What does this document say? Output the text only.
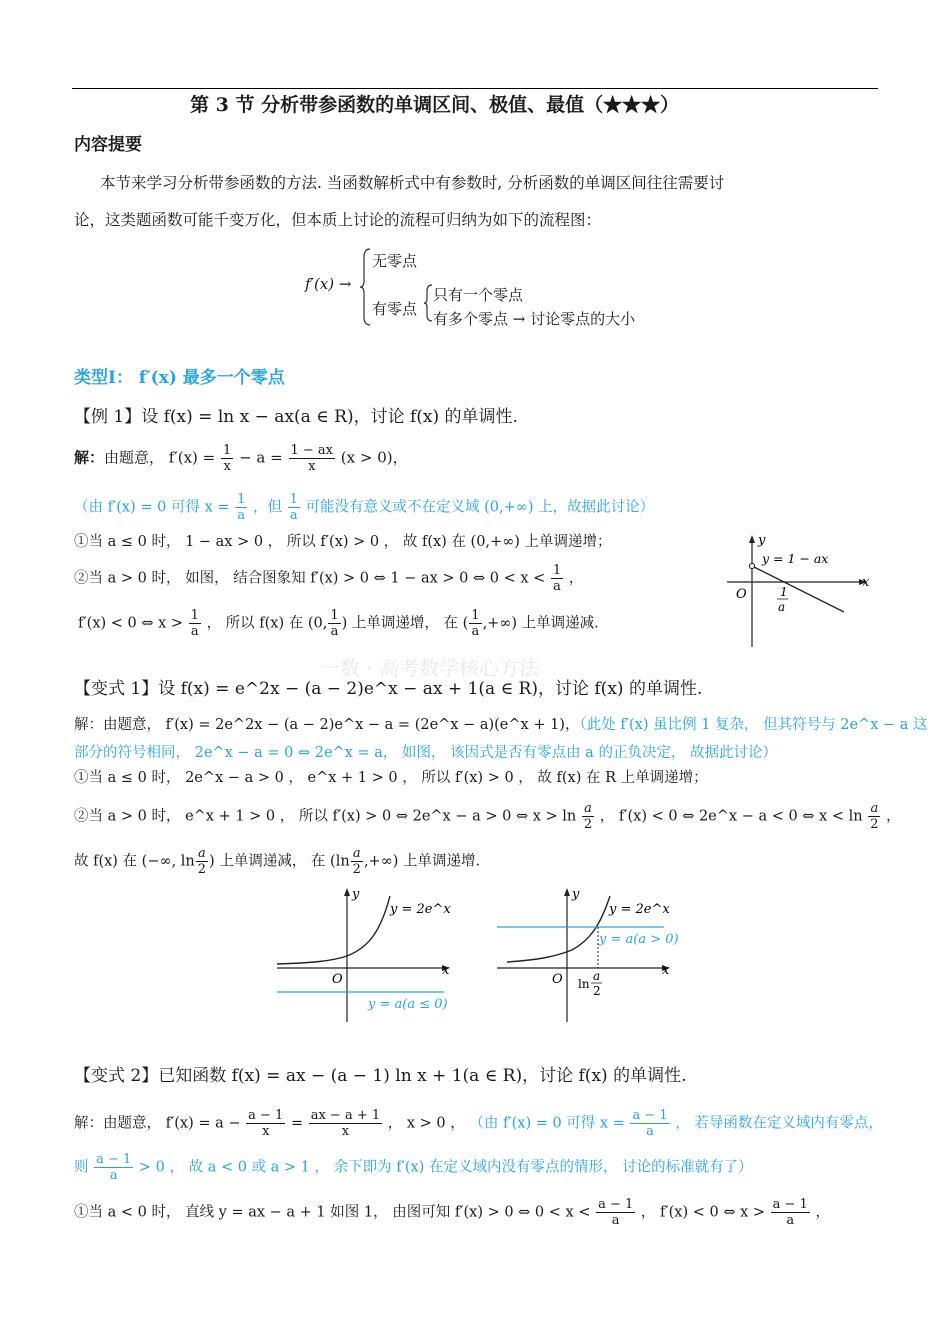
第 3 节 分析带参函数的单调区间、极值、最值（★★★）
内容提要
本节来学习分析带参函数的方法. 当函数解析式中有参数时, 分析函数的单调区间往往需要讨
论，这类题函数可能千变万化，但本质上讨论的流程可归纳为如下的流程图：
f′(x) →
无零点
有零点
只有一个零点
有多个零点 → 讨论零点的大小
类型Ⅰ： f′(x) 最多一个零点
【例 1】设 f(x) = ln x − ax(a ∈ R)，讨论 f(x) 的单调性.
解：由题意， $f'(x) = \frac{1}{x} - a = \frac{1 - ax}{x} (x > 0)$，
（由 f′(x) = 0 可得 $x = \frac{1}{a}$ ，但 $\frac{1}{a}$ 可能没有意义或不在定义域 (0,+∞) 上，故据此讨论）
①当 a ≤ 0 时， 1 − ax > 0 ， 所以 f′(x) > 0 ， 故 f(x) 在 (0,+∞) 上单调递增；
②当 a > 0 时， 如图， 结合图象知 f′(x) > 0 ⇔ 1 − ax > 0 ⇔ $0 < x < \frac{1}{a}$ ，
f′(x) < 0 ⇔ $x > \frac{1}{a}$ ， 所以 f(x) 在 (0, $\frac{1}{a}$ ) 上单调递增， 在 ( $\frac{1}{a}$ ,+∞) 上单调递减.
y
x
O
y = 1 − ax
1
a
一数 · 高考数学核心方法
【变式 1】设 f(x) = e^2x − (a − 2)e^x − ax + 1(a ∈ R)，讨论 f(x) 的单调性.
解：由题意， f′(x) = 2e^2x − (a − 2)e^x − a = (2e^x − a)(e^x + 1)，（此处 f′(x) 虽比例 1 复杂， 但其符号与 2e^x − a 这
部分的符号相同， 2e^x − a = 0 ⇔ 2e^x = a， 如图， 该因式是否有零点由 a 的正负决定， 故据此讨论）
①当 a ≤ 0 时， 2e^x − a > 0 ， e^x + 1 > 0 ， 所以 f′(x) > 0 ， 故 f(x) 在 R 上单调递增；
②当 a > 0 时， e^x + 1 > 0 ， 所以 f′(x) > 0 ⇔ 2e^x − a > 0 ⇔ $x > \ln \frac{a}{2}$ ， f′(x) < 0 ⇔ 2e^x − a < 0 ⇔ $x < \ln \frac{a}{2}$ ，
故 f(x) 在 (−∞, $\ln \frac{a}{2}$ ) 上单调递减， 在 ($\ln \frac{a}{2}$ ,+∞) 上单调递增.
y
x
O
y = 2e^x
y = a(a ≤ 0)
y
x
O
y = 2e^x
y = a(a > 0)
ln
a
2
【变式 2】已知函数 f(x) = ax − (a − 1) ln x + 1(a ∈ R)，讨论 f(x) 的单调性.
解：由题意， $f'(x) = a - \frac{a - 1}{x} = \frac{ax - a + 1}{x}$ ， x > 0 ， （由 f′(x) = 0 可得 $x = \frac{a - 1}{a}$ ， 若导函数在定义域内有零点，
则 $\frac{a - 1}{a} > 0$ ， 故 a < 0 或 a > 1 ， 余下即为 f′(x) 在定义域内没有零点的情形， 讨论的标准就有了）
①当 a < 0 时， 直线 y = ax − a + 1 如图 1， 由图可知 f′(x) > 0 ⇔ $0 < x < \frac{a - 1}{a}$ ， f′(x) < 0 ⇔ $x > \frac{a - 1}{a}$ ，
